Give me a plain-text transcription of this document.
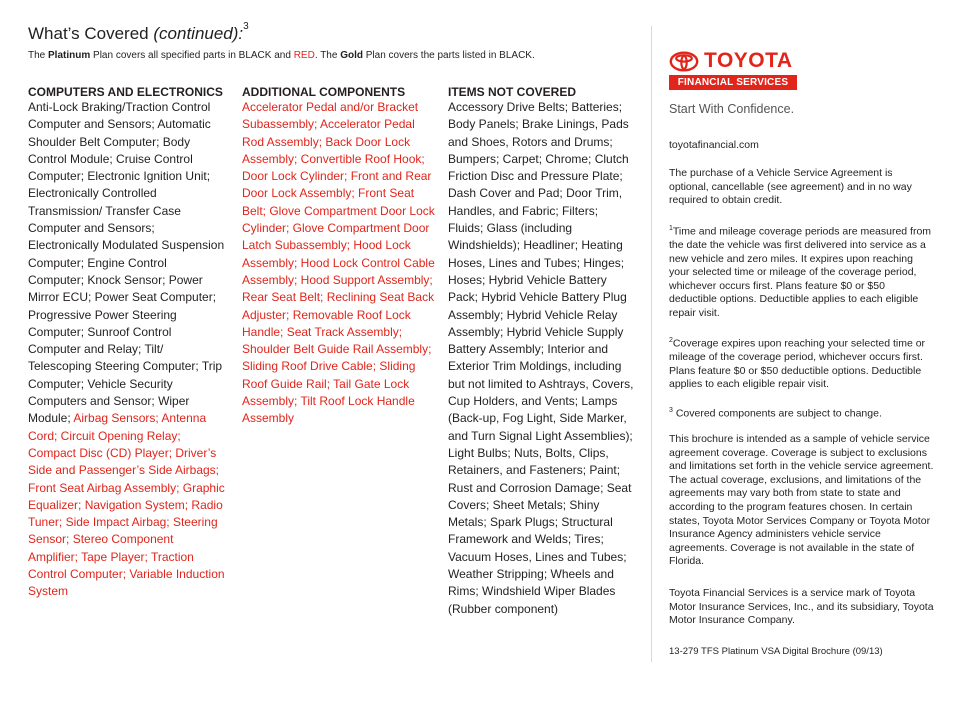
What’s Covered (continued):$^3$
The Platinum Plan covers all specified parts in BLACK and RED. The Gold Plan covers the parts listed in BLACK.
COMPUTERS AND ELECTRONICS

Anti-Lock Braking/Traction Control Computer and Sensors; Automatic Shoulder Belt Computer; Body Control Module; Cruise Control Computer; Electronic Ignition Unit; Electronically Controlled Transmission/ Transfer Case Computer and Sensors; Electronically Modulated Suspension Computer; Engine Control Computer; Knock Sensor; Power Mirror ECU; Power Seat Computer; Progressive Power Steering Computer; Sunroof Control Computer and Relay; Tilt/ Telescoping Steering Computer; Trip Computer; Vehicle Security Computers and Sensor; Wiper Module; Airbag Sensors; Antenna Cord; Circuit Opening Relay; Compact Disc (CD) Player; Driver’s Side and Passenger’s Side Airbags; Front Seat Airbag Assembly; Graphic Equalizer; Navigation System; Radio Tuner; Side Impact Airbag; Steering Sensor; Stereo Component Amplifier; Tape Player; Traction Control Computer; Variable Induction System

ADDITIONAL COMPONENTS

Accelerator Pedal and/or Bracket Subassembly; Accelerator Pedal Rod Assembly; Back Door Lock Assembly; Convertible Roof Hook; Door Lock Cylinder; Front and Rear Door Lock Assembly; Front Seat Belt; Glove Compartment Door Lock Cylinder; Glove Compartment Door Latch Subassembly; Hood Lock Assembly; Hood Lock Control Cable Assembly; Hood Support Assembly; Rear Seat Belt; Reclining Seat Back Adjuster; Removable Roof Lock Handle; Seat Track Assembly; Shoulder Belt Guide Rail Assembly; Sliding Roof Drive Cable; Sliding Roof Guide Rail; Tail Gate Lock Assembly; Tilt Roof Lock Handle Assembly

ITEMS NOT COVERED

Accessory Drive Belts; Batteries; Body Panels; Brake Linings, Pads and Shoes, Rotors and Drums; Bumpers; Carpet; Chrome; Clutch Friction Disc and Pressure Plate; Dash Cover and Pad; Door Trim, Handles, and Fabric; Filters; Fluids; Glass (including Windshields); Headliner; Heating Hoses, Lines and Tubes; Hinges; Hoses; Hybrid Vehicle Battery Pack; Hybrid Vehicle Battery Plug Assembly; Hybrid Vehicle Relay Assembly; Hybrid Vehicle Supply Battery Assembly; Interior and Exterior Trim Moldings, including but not limited to Ashtrays, Covers, Cup Holders, and Vents; Lamps (Back-up, Fog Light, Side Marker, and Turn Signal Light Assemblies); Light Bulbs; Nuts, Bolts, Clips, Retainers, and Fasteners; Paint; Rust and Corrosion Damage; Seat Covers; Sheet Metals; Shiny Metals; Spark Plugs; Structural Framework and Welds; Tires; Vacuum Hoses, Lines and Tubes; Weather Stripping; Wheels and Rims; Windshield Wiper Blades (Rubber component)

TOYOTA
FINANCIAL SERVICES
Start With Confidence.

toyotafinancial.com

The purchase of a Vehicle Service Agreement is optional, cancellable (see agreement) and in no way required to obtain credit.

$^1$Time and mileage coverage periods are measured from the date the vehicle was first delivered into service as a new vehicle and zero miles. It expires upon reaching your selected time or mileage of the coverage period, whichever occurs first. Plans feature $0 or $50 deductible options. Deductible applies to each eligible repair visit.

$^2$Coverage expires upon reaching your selected time or mileage of the coverage period, whichever occurs first. Plans feature $0 or $50 deductible options. Deductible applies to each eligible repair visit.

$^3$ Covered components are subject to change.

This brochure is intended as a sample of vehicle service agreement coverage. Coverage is subject to exclusions and limitations set forth in the vehicle service agreement. The actual coverage, exclusions, and limitations of the agreements may vary both from state to state and according to the program features chosen. In certain states, Toyota Motor Services Company or Toyota Motor Insurance Agency administers vehicle service agreements. Coverage is not available in the state of Florida.

Toyota Financial Services is a service mark of Toyota Motor Insurance Services, Inc., and its subsidiary, Toyota Motor Insurance Company.

13-279 TFS Platinum VSA Digital Brochure (09/13)
